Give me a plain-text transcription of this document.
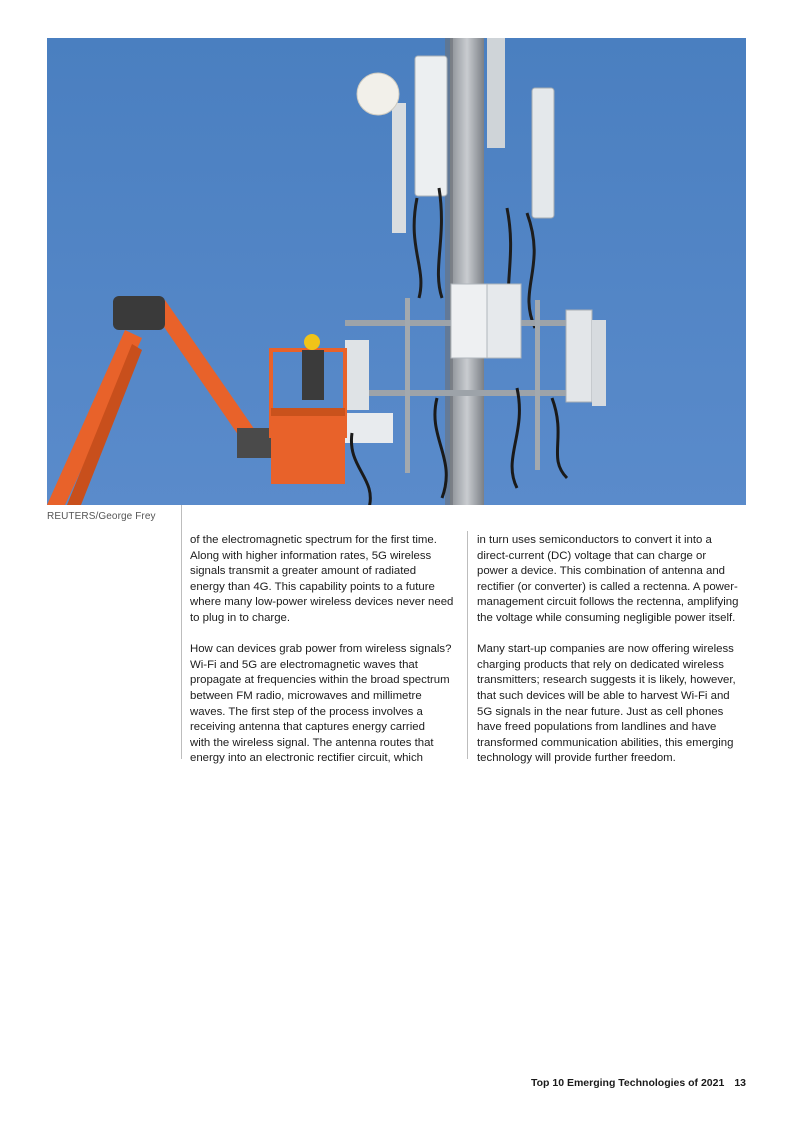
REUTERS/George Frey

of the electromagnetic spectrum for the first time.
Along with higher information rates, 5G wireless
signals transmit a greater amount of radiated
energy than 4G. This capability points to a future
where many low-power wireless devices never need
to plug in to charge.

How can devices grab power from wireless signals?
Wi-Fi and 5G are electromagnetic waves that
propagate at frequencies within the broad spectrum
between FM radio, microwaves and millimetre
waves. The first step of the process involves a
receiving antenna that captures energy carried
with the wireless signal. The antenna routes that
energy into an electronic rectifier circuit, which

in turn uses semiconductors to convert it into a
direct-current (DC) voltage that can charge or
power a device. This combination of antenna and
rectifier (or converter) is called a rectenna. A power-
management circuit follows the rectenna, amplifying
the voltage while consuming negligible power itself.

Many start-up companies are now offering wireless
charging products that rely on dedicated wireless
transmitters; research suggests it is likely, however,
that such devices will be able to harvest Wi-Fi and
5G signals in the near future. Just as cell phones
have freed populations from landlines and have
transformed communication abilities, this emerging
technology will provide further freedom.

Top 10 Emerging Technologies of 2021 13
